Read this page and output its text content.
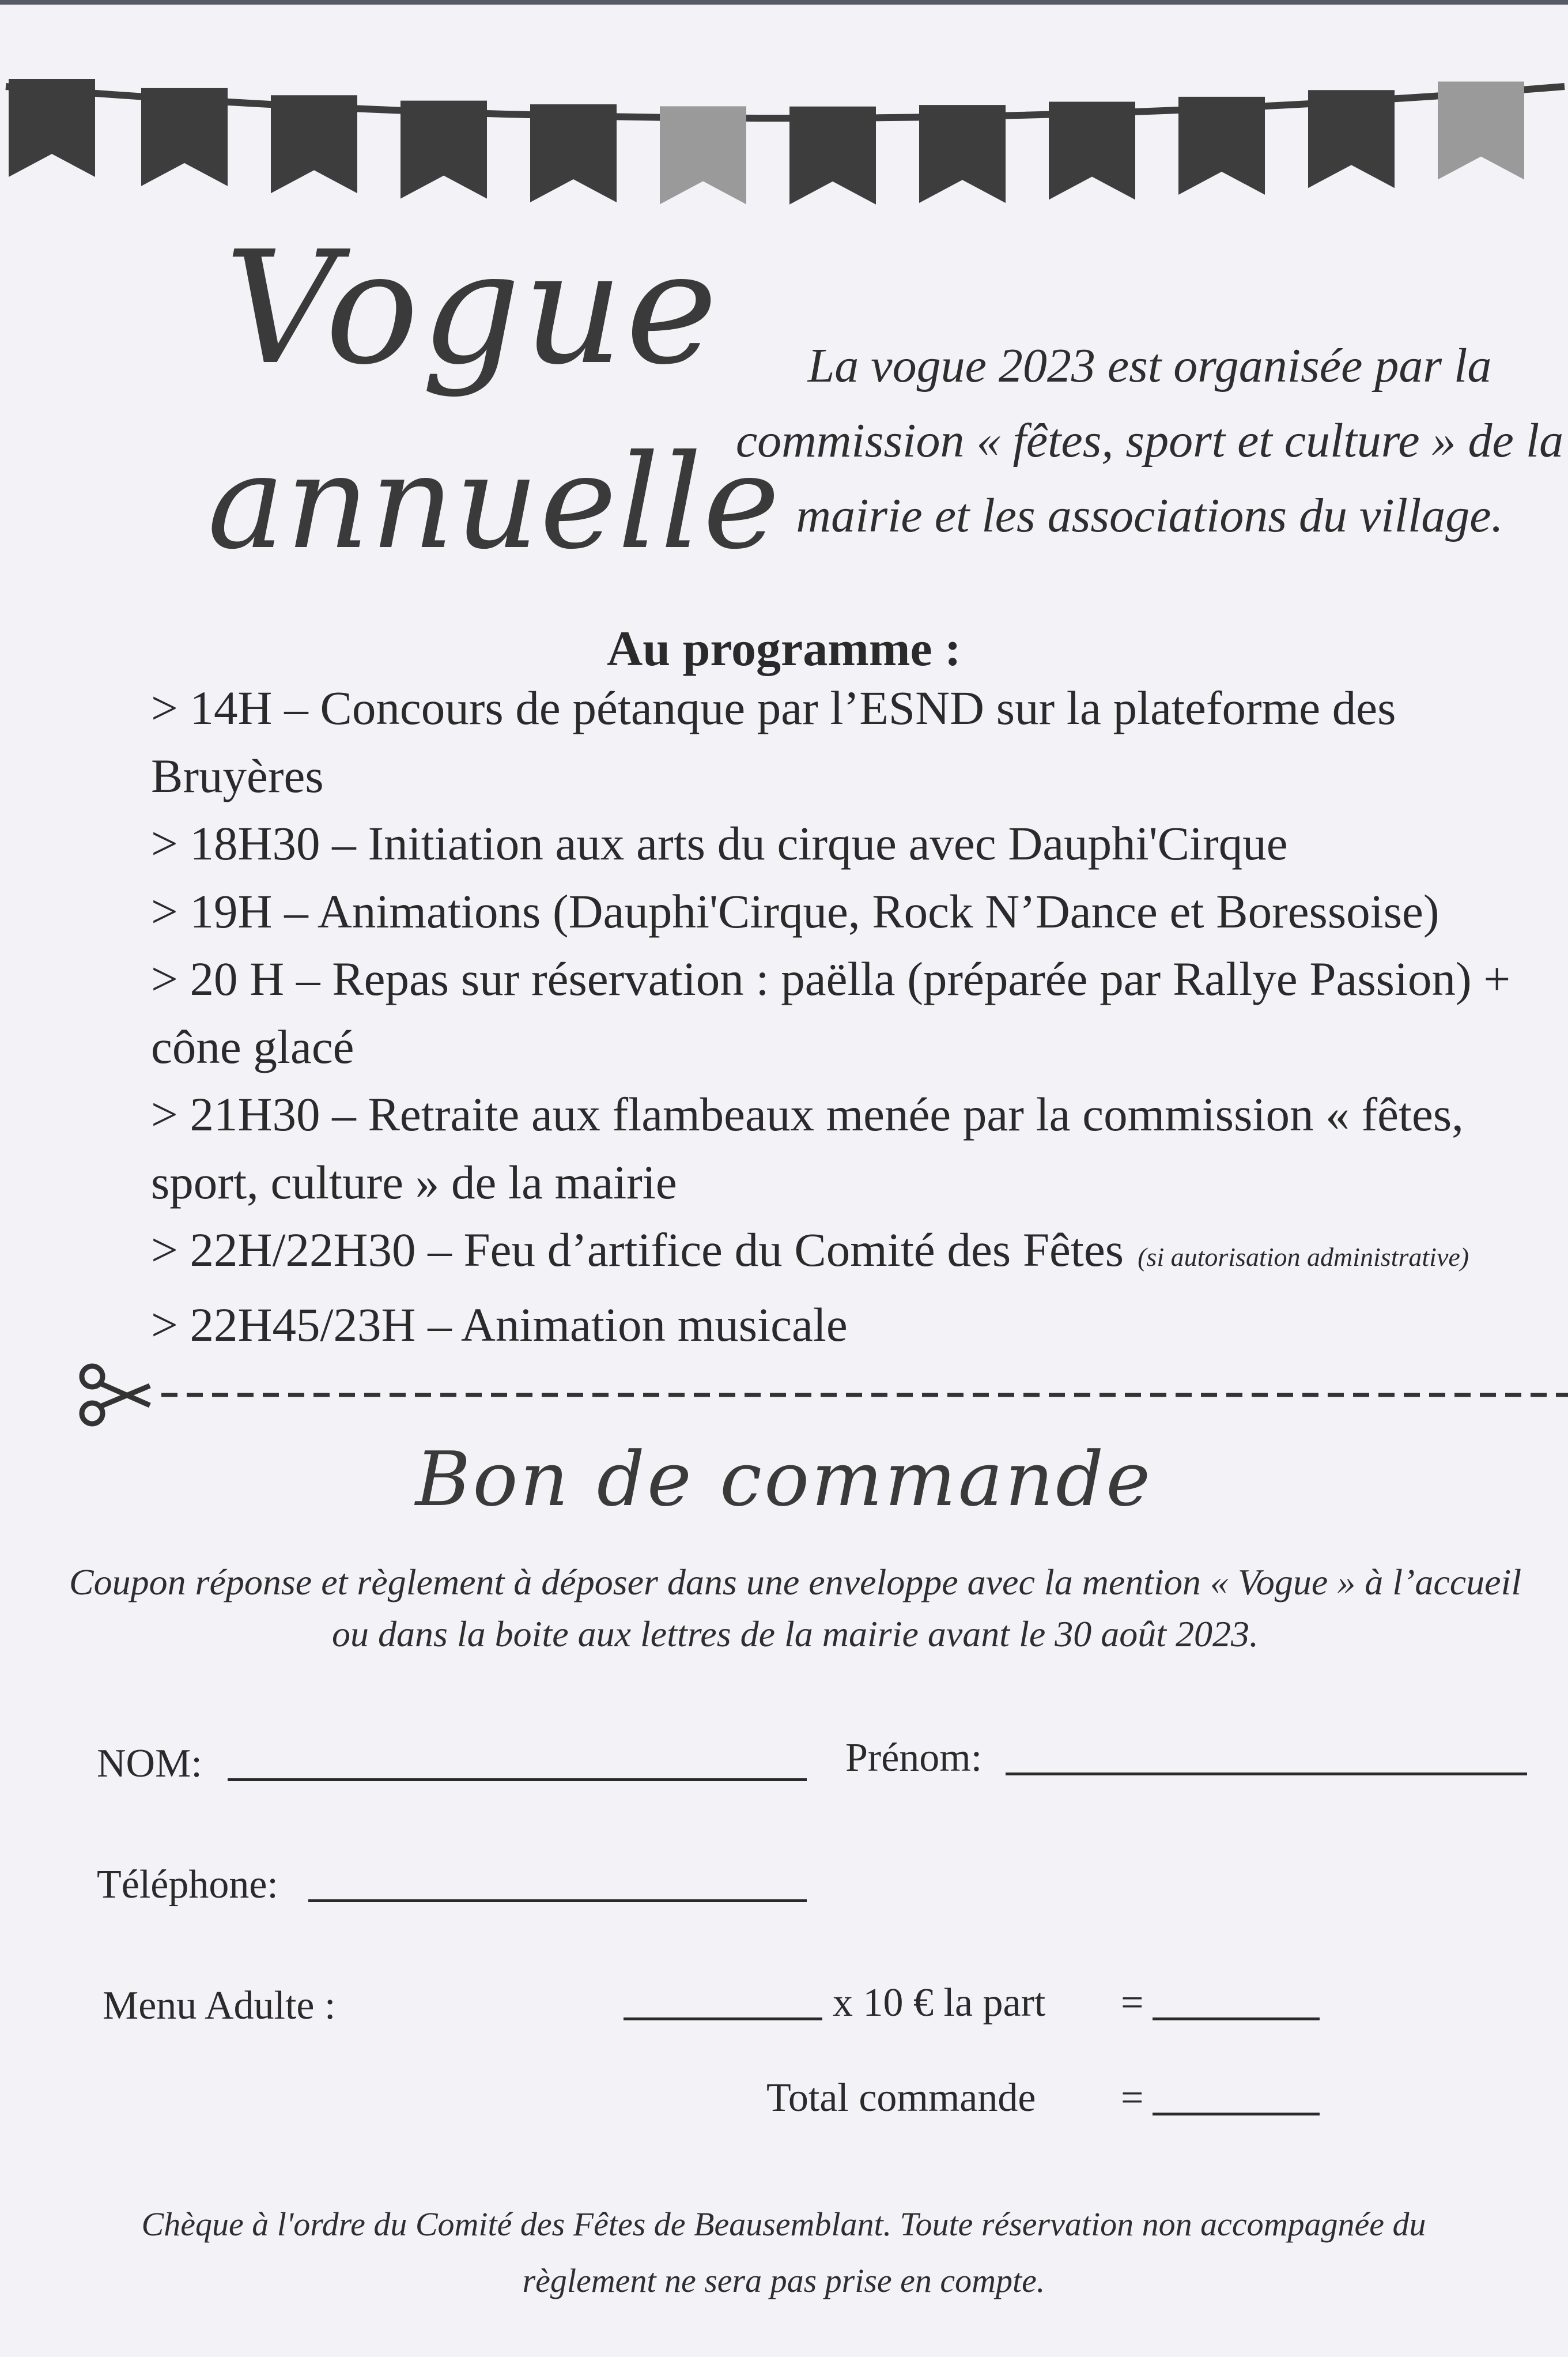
Vogue
annuelle
La vogue 2023 est organisée par la commission « fêtes, sport et culture » de la mairie et les associations du village.
Au programme :
> 14H – Concours de pétanque par l’ESND sur la plateforme des Bruyères
> 18H30 – Initiation aux arts du cirque avec Dauphi'Cirque
> 19H – Animations (Dauphi'Cirque, Rock N’Dance et Boressoise)
> 20 H – Repas sur réservation : paëlla (préparée par Rallye Passion) + cône glacé
> 21H30 – Retraite aux flambeaux menée par la commission « fêtes, sport, culture » de la mairie
> 22H/22H30 – Feu d’artifice du Comité des Fêtes (si autorisation administrative)
> 22H45/23H – Animation musicale
Bon de commande
Coupon réponse et règlement à déposer dans une enveloppe avec la mention « Vogue » à l’accueil ou dans la boite aux lettres de la mairie avant le 30 août 2023.
NOM:	Prénom:
Téléphone:
Menu Adulte :	x 10 € la part =
Total commande =
Chèque à l'ordre du Comité des Fêtes de Beausemblant. Toute réservation non accompagnée du règlement ne sera pas prise en compte.
